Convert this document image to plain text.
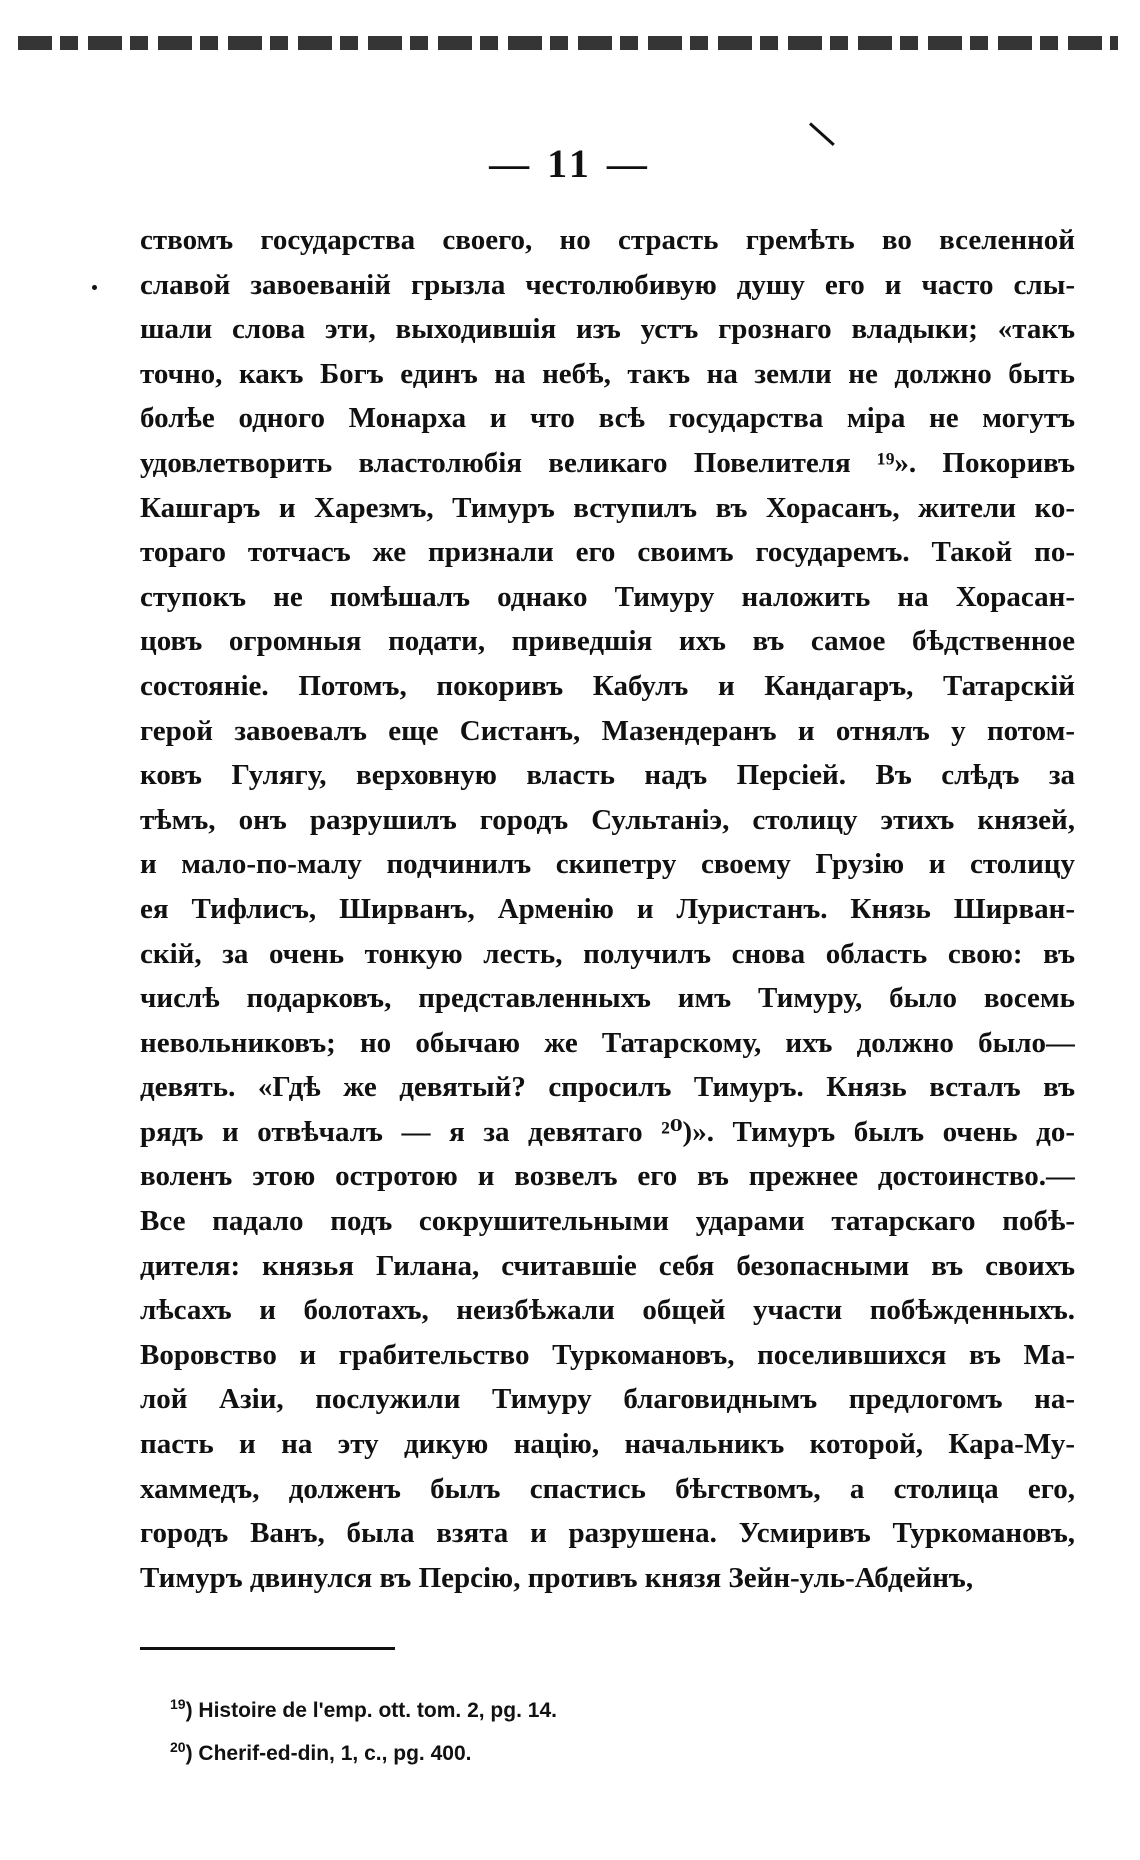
— 11 —
ствомъ государства своего, но страсть гремѣть во вселенной
славой завоеванiй грызла честолюбивую душу его и часто слы-
шали слова эти, выходившiя изъ устъ грознаго владыки; «такъ
точно, какъ Богъ единъ на небѣ, такъ на земли не должно быть
болѣе одного Монарха и что всѣ государства мiра не могутъ
удовлетворить властолюбiя великаго Повелителя ¹⁹». Покоривъ
Кашгаръ и Харезмъ, Тимуръ вступилъ въ Хорасанъ, жители ко-
тораго тотчасъ же признали его своимъ государемъ. Такой по-
ступокъ не помѣшалъ однако Тимуру наложить на Хорасан-
цовъ огромныя подати, приведшiя ихъ въ самое бѣдственное
состоянiе. Потомъ, покоривъ Кабулъ и Кандагаръ, Татарскiй
герой завоевалъ еще Систанъ, Мазендеранъ и отнялъ у потом-
ковъ Гулягу, верховную власть надъ Персiей. Въ слѣдъ за
тѣмъ, онъ разрушилъ городъ Сультанiэ, столицу этихъ князей,
и мало-по-малу подчинилъ скипетру своему Грузiю и столицу
ея Тифлисъ, Ширванъ, Арменiю и Луристанъ. Князь Ширван-
скiй, за очень тонкую лесть, получилъ снова область свою: въ
числѣ подарковъ, представленныхъ имъ Тимуру, было восемь
невольниковъ; но обычаю же Татарскому, ихъ должно было—
девять. «Гдѣ же девятый? спросилъ Тимуръ. Князь всталъ въ
рядъ и отвѣчалъ — я за девятаго ²⁰)». Тимуръ былъ очень до-
воленъ этою остротою и возвелъ его въ прежнее достоинство.—
Все падало подъ сокрушительными ударами татарскаго побѣ-
дителя: князья Гилана, считавшiе себя безопасными въ своихъ
лѣсахъ и болотахъ, неизбѣжали общей участи побѣжденныхъ.
Воровство и грабительство Туркомановъ, поселившихся въ Ма-
лой Азiи, послужили Тимуру благовиднымъ предлогомъ на-
пасть и на эту дикую нацiю, начальникъ которой, Кара-Му-
хаммедъ, долженъ былъ спастись бѣгствомъ, а столица его,
городъ Ванъ, была взята и разрушена. Усмиривъ Туркомановъ,
Тимуръ двинулся въ Персiю, противъ князя Зейн-уль-Абдейнъ,
$^{19}$) Histoire de l'emp. ott. tom. 2, pg. 14.
$^{20}$) Cherif-ed-din, 1, c., pg. 400.
